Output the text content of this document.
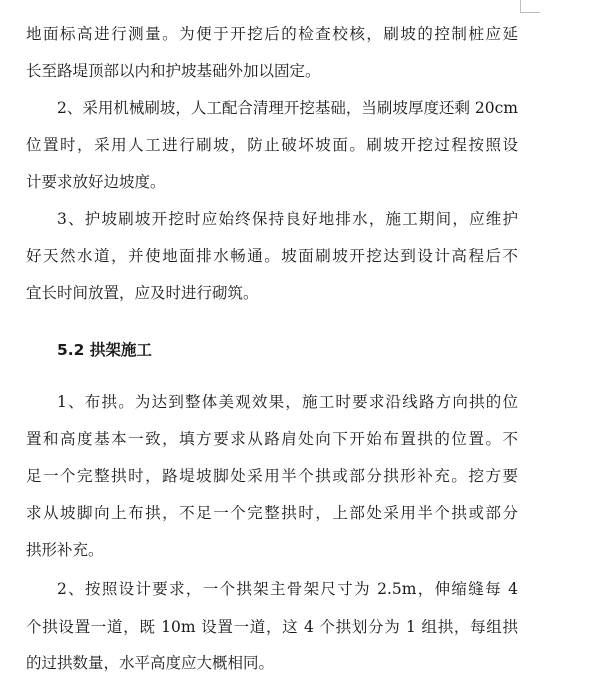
地面标高进行测量。为便于开挖后的检查校核，刷坡的控制桩应延
长至路堤顶部以内和护坡基础外加以固定。
2、采用机械刷坡，人工配合清理开挖基础，当刷坡厚度还剩 20cm
位置时，采用人工进行刷坡，防止破坏坡面。刷坡开挖过程按照设
计要求放好边坡度。
3、护坡刷坡开挖时应始终保持良好地排水，施工期间，应维护
好天然水道，并使地面排水畅通。坡面刷坡开挖达到设计高程后不
宜长时间放置，应及时进行砌筑。
5.2 拱架施工
1、布拱。为达到整体美观效果，施工时要求沿线路方向拱的位
置和高度基本一致，填方要求从路肩处向下开始布置拱的位置。不
足一个完整拱时，路堤坡脚处采用半个拱或部分拱形补充。挖方要
求从坡脚向上布拱，不足一个完整拱时，上部处采用半个拱或部分
拱形补充。
2、按照设计要求，一个拱架主骨架尺寸为 2.5m，伸缩缝每 4
个拱设置一道，既 10m 设置一道，这 4 个拱划分为 1 组拱，每组拱
的过拱数量，水平高度应大概相同。
